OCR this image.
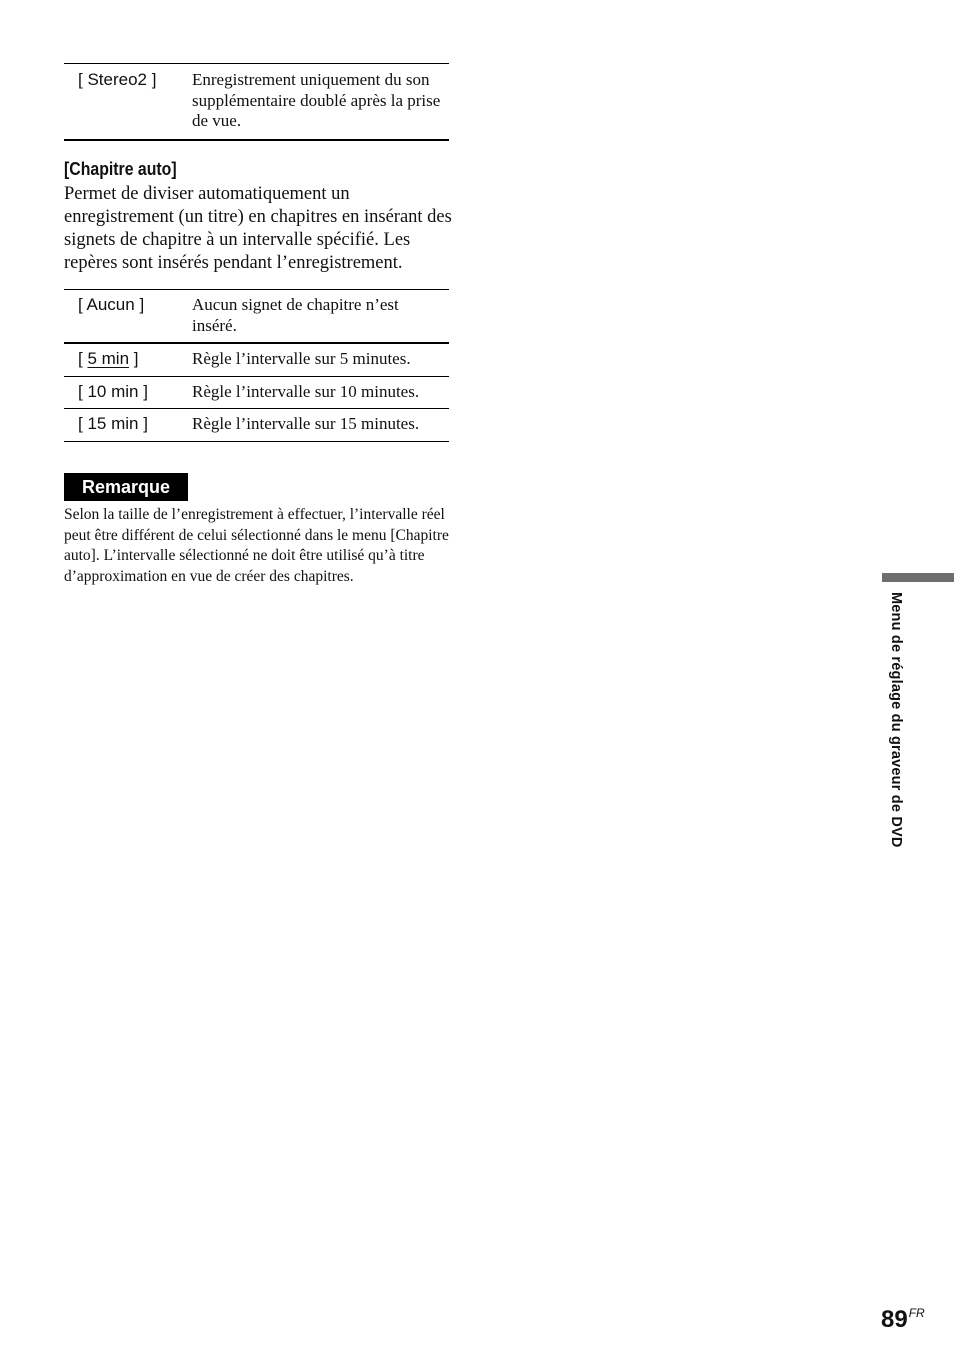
[ Stereo2 ]	Enregistrement uniquement du son supplémentaire doublé après la prise de vue.
[Chapitre auto]

Permet de diviser automatiquement un enregistrement (un titre) en chapitres en insérant des signets de chapitre à un intervalle spécifié. Les repères sont insérés pendant l’enregistrement.

[ Aucun ]	Aucun signet de chapitre n’est inséré.
[ 5 min ]	Règle l’intervalle sur 5 minutes.
[ 10 min ]	Règle l’intervalle sur 10 minutes.
[ 15 min ]	Règle l’intervalle sur 15 minutes.
Remarque

Selon la taille de l’enregistrement à effectuer, l’intervalle réel peut être différent de celui sélectionné dans le menu [Chapitre auto]. L’intervalle sélectionné ne doit être utilisé qu’à titre d’approximation en vue de créer des chapitres.

Menu de réglage du graveur de DVD
$89^{FR}$
